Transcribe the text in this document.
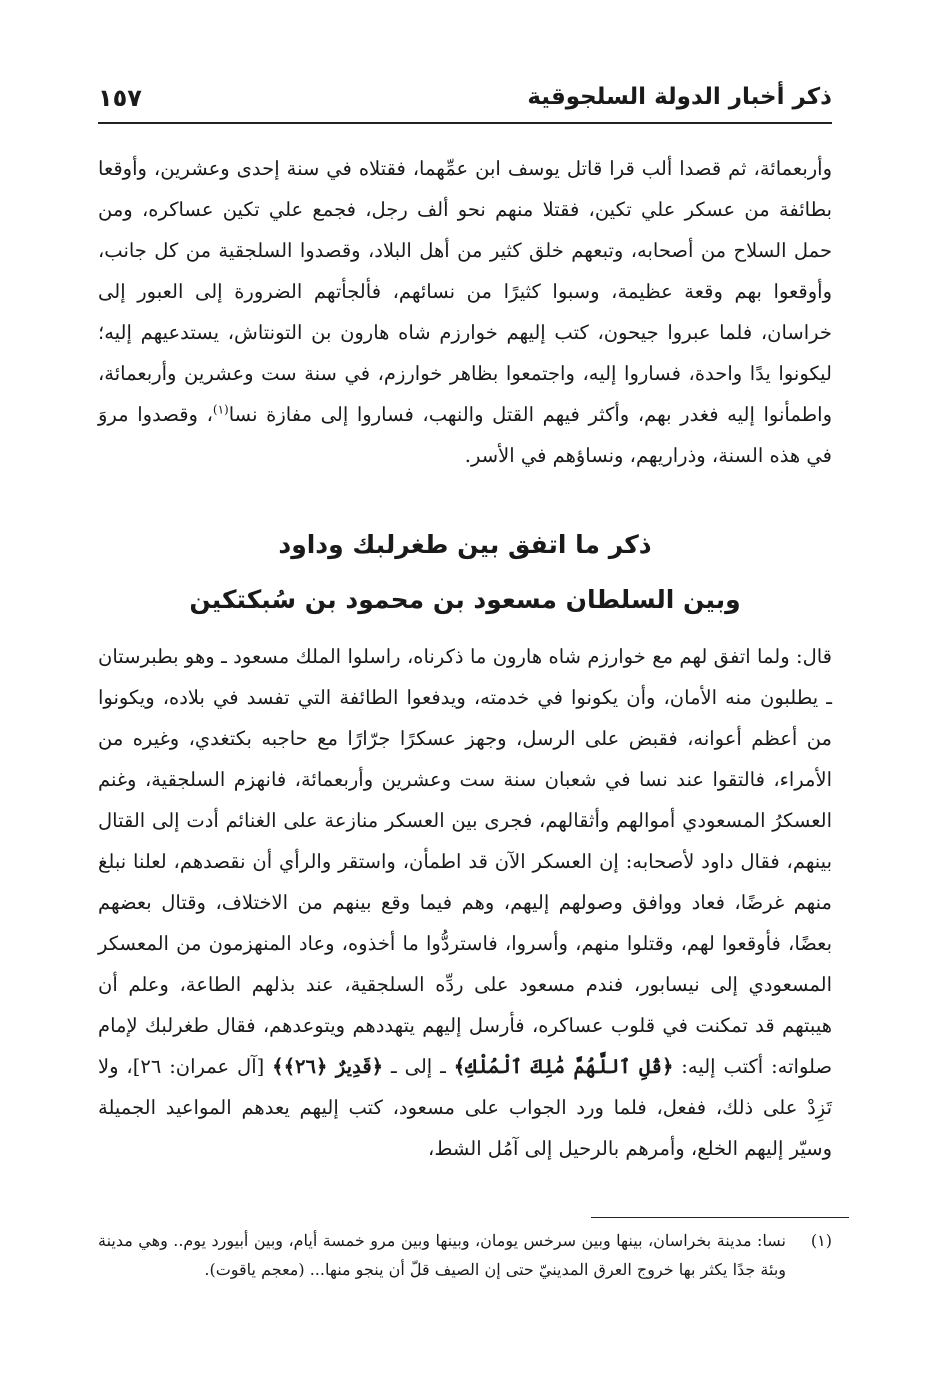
ذكر أخبار الدولة السلجوقية
١٥٧

وأربعمائة، ثم قصدا ألب قرا قاتل يوسف ابن عمِّهما، فقتلاه في سنة إحدى وعشرين، وأوقعا بطائفة من عسكر علي تكين، فقتلا منهم نحو ألف رجل، فجمع علي تكين عساكره، ومن حمل السلاح من أصحابه، وتبعهم خلق كثير من أهل البلاد، وقصدوا السلجقية من كل جانب، وأوقعوا بهم وقعة عظيمة، وسبوا كثيرًا من نسائهم، فألجأتهم الضرورة إلى العبور إلى خراسان، فلما عبروا جيحون، كتب إليهم خوارزم شاه هارون بن التونتاش، يستدعيهم إليه؛ ليكونوا يدًا واحدة، فساروا إليه، واجتمعوا بظاهر خوارزم، في سنة ست وعشرين وأربعمائة، واطمأنوا إليه فغدر بهم، وأكثر فيهم القتل والنهب، فساروا إلى مفازة نسا$^{(١)}$، وقصدوا مروَ في هذه السنة، وذراريهم، ونساؤهم في الأسر.

ذكر ما اتفق بين طغرلبك وداود
وبين السلطان مسعود بن محمود بن سُبكتكين

قال: ولما اتفق لهم مع خوارزم شاه هارون ما ذكرناه، راسلوا الملك مسعود ـ وهو بطبرستان ـ يطلبون منه الأمان، وأن يكونوا في خدمته، ويدفعوا الطائفة التي تفسد في بلاده، ويكونوا من أعظم أعوانه، فقبض على الرسل، وجهز عسكرًا جرّارًا مع حاجبه بكتغدي، وغيره من الأمراء، فالتقوا عند نسا في شعبان سنة ست وعشرين وأربعمائة، فانهزم السلجقية، وغنم العسكرُ المسعودي أموالهم وأثقالهم، فجرى بين العسكر منازعة على الغنائم أدت إلى القتال بينهم، فقال داود لأصحابه: إن العسكر الآن قد اطمأن، واستقر والرأي أن نقصدهم، لعلنا نبلغ منهم غرضًا، فعاد ووافق وصولهم إليهم، وهم فيما وقع بينهم من الاختلاف، وقتال بعضهم بعضًا، فأوقعوا لهم، وقتلوا منهم، وأسروا، فاستردُّوا ما أخذوه، وعاد المنهزمون من المعسكر المسعودي إلى نيسابور، فندم مسعود على ردِّه السلجقية، عند بذلهم الطاعة، وعلم أن هيبتهم قد تمكنت في قلوب عساكره، فأرسل إليهم يتهددهم ويتوعدهم، فقال طغرلبك لإمام صلواته: أكتب إليه: ﴿قُلِ ٱللَّهُمَّ مَٰلِكَ ٱلْمُلْكِ﴾ ـ إلى ـ ﴿قَدِيرٌ ﴿٢٦﴾﴾ [آل عمران: ٢٦]، ولا تَزِدْ على ذلك، ففعل، فلما ورد الجواب على مسعود، كتب إليهم يعدهم المواعيد الجميلة وسيّر إليهم الخلع، وأمرهم بالرحيل إلى آمُل الشط،

(١)

نسا: مدينة بخراسان، بينها وبين سرخس يومان، وبينها وبين مرو خمسة أيام، وبين أبيورد يوم.. وهي مدينة وبئة جدًا يكثر بها خروج العرق المدينيّ حتى إن الصيف قلّ أن ينجو منها... (معجم ياقوت).
